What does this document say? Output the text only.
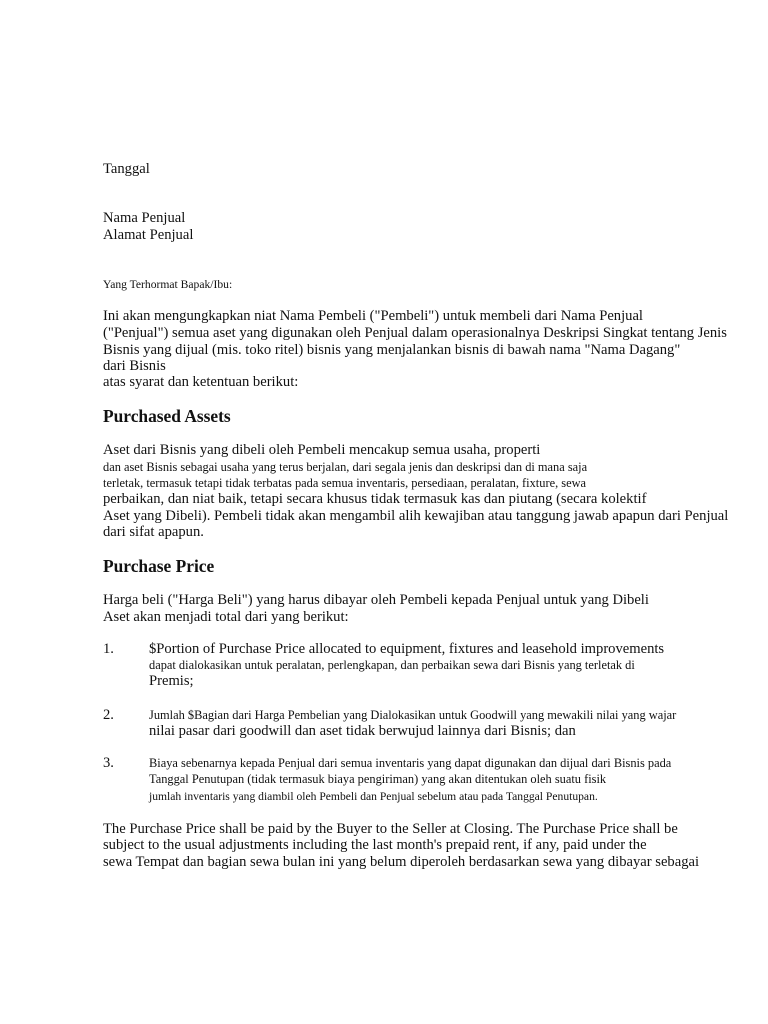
Tanggal
Nama Penjual
Alamat Penjual
Yang Terhormat Bapak/Ibu:
Ini akan mengungkapkan niat Nama Pembeli ("Pembeli") untuk membeli dari Nama Penjual
("Penjual") semua aset yang digunakan oleh Penjual dalam operasionalnya Deskripsi Singkat tentang Jenis
Bisnis yang dijual (mis. toko ritel) bisnis yang menjalankan bisnis di bawah nama "Nama Dagang"
dari Bisnis
atas syarat dan ketentuan berikut:
Purchased Assets
Aset dari Bisnis yang dibeli oleh Pembeli mencakup semua usaha, properti
dan aset Bisnis sebagai usaha yang terus berjalan, dari segala jenis dan deskripsi dan di mana saja
terletak, termasuk tetapi tidak terbatas pada semua inventaris, persediaan, peralatan, fixture, sewa
perbaikan, dan niat baik, tetapi secara khusus tidak termasuk kas dan piutang (secara kolektif
Aset yang Dibeli). Pembeli tidak akan mengambil alih kewajiban atau tanggung jawab apapun dari Penjual
dari sifat apapun.
Purchase Price
Harga beli ("Harga Beli") yang harus dibayar oleh Pembeli kepada Penjual untuk yang Dibeli
Aset akan menjadi total dari yang berikut:
1. $Portion of Purchase Price allocated to equipment, fixtures and leasehold improvements
dapat dialokasikan untuk peralatan, perlengkapan, dan perbaikan sewa dari Bisnis yang terletak di
Premis;
2.	Jumlah $Bagian dari Harga Pembelian yang Dialokasikan untuk Goodwill yang mewakili nilai yang wajar
nilai pasar dari goodwill dan aset tidak berwujud lainnya dari Bisnis; dan
3.	Biaya sebenarnya kepada Penjual dari semua inventaris yang dapat digunakan dan dijual dari Bisnis pada
Tanggal Penutupan (tidak termasuk biaya pengiriman) yang akan ditentukan oleh suatu fisik
jumlah inventaris yang diambil oleh Pembeli dan Penjual sebelum atau pada Tanggal Penutupan.
The Purchase Price shall be paid by the Buyer to the Seller at Closing. The Purchase Price shall be
subject to the usual adjustments including the last month's prepaid rent, if any, paid under the
sewa Tempat dan bagian sewa bulan ini yang belum diperoleh berdasarkan sewa yang dibayar sebagai
